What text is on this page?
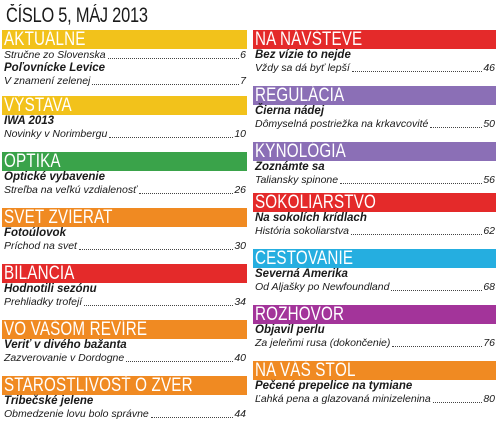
ČÍSLO 5, MÁJ 2013
AKTUÁLNE
Stručne zo Slovenska	6
Poľovnícke Levice
V znamení zelenej	7
VÝSTAVA
IWA 2013
Novinky v Norimbergu	10
OPTIKA
Optické vybavenie
Streľba na veľkú vzdialenosť	26
SVET ZVIERAT
Fotoúlovok
Príchod na svet	30
BILANCIA
Hodnotili sezónu
Prehliadky trofejí	34
VO VAŠOM REVÍRE
Veriť v divého bažanta
Zazverovanie v Dordogne	40
STAROSTLIVOSŤ O ZVER
Tribečské jelene
Obmedzenie lovu bolo správne	44
NA NÁVŠTEVE
Bez vízie to nejde
Vždy sa dá byť lepší	46
REGULÁCIA
Čierna nádej
Dômyselná postriežka na krkavcovité	50
KYNOLÓGIA
Zoznámte sa
Taliansky spinone	56
SOKOLIARSTVO
Na sokolích krídlach
História sokoliarstva	62
CESTOVANIE
Severná Amerika
Od Aljašky po Newfoundland	68
ROZHOVOR
Objavil perlu
Za jeleňmi rusa (dokončenie)	76
NA VÁŠ STÔL
Pečené prepelice na tymiane
Ľahká pena a glazovaná minizelenina	80
